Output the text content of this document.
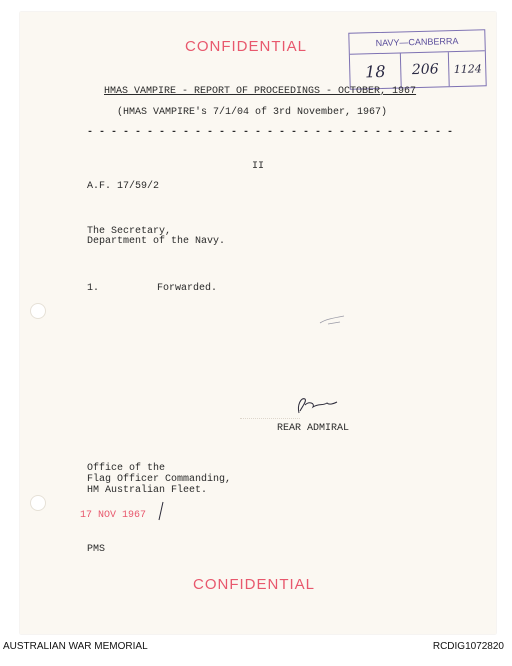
CONFIDENTIAL	NAVY—CANBERRA
18	206	1124
HMAS VAMPIRE - REPORT OF PROCEEDINGS - OCTOBER, 1967
(HMAS VAMPIRE's 7/1/04 of 3rd November, 1967)
- - - - - - - - - - - - - - - - - - - - - - - - - - - - - - -
II
A.F. 17/59/2
The Secretary,
Department of the Navy.
1.	Forwarded.
REAR ADMIRAL
Office of the
Flag Officer Commanding,
HM Australian Fleet.
17 NOV 1967
PMS
CONFIDENTIAL
AUSTRALIAN WAR MEMORIAL	RCDIG1072820
